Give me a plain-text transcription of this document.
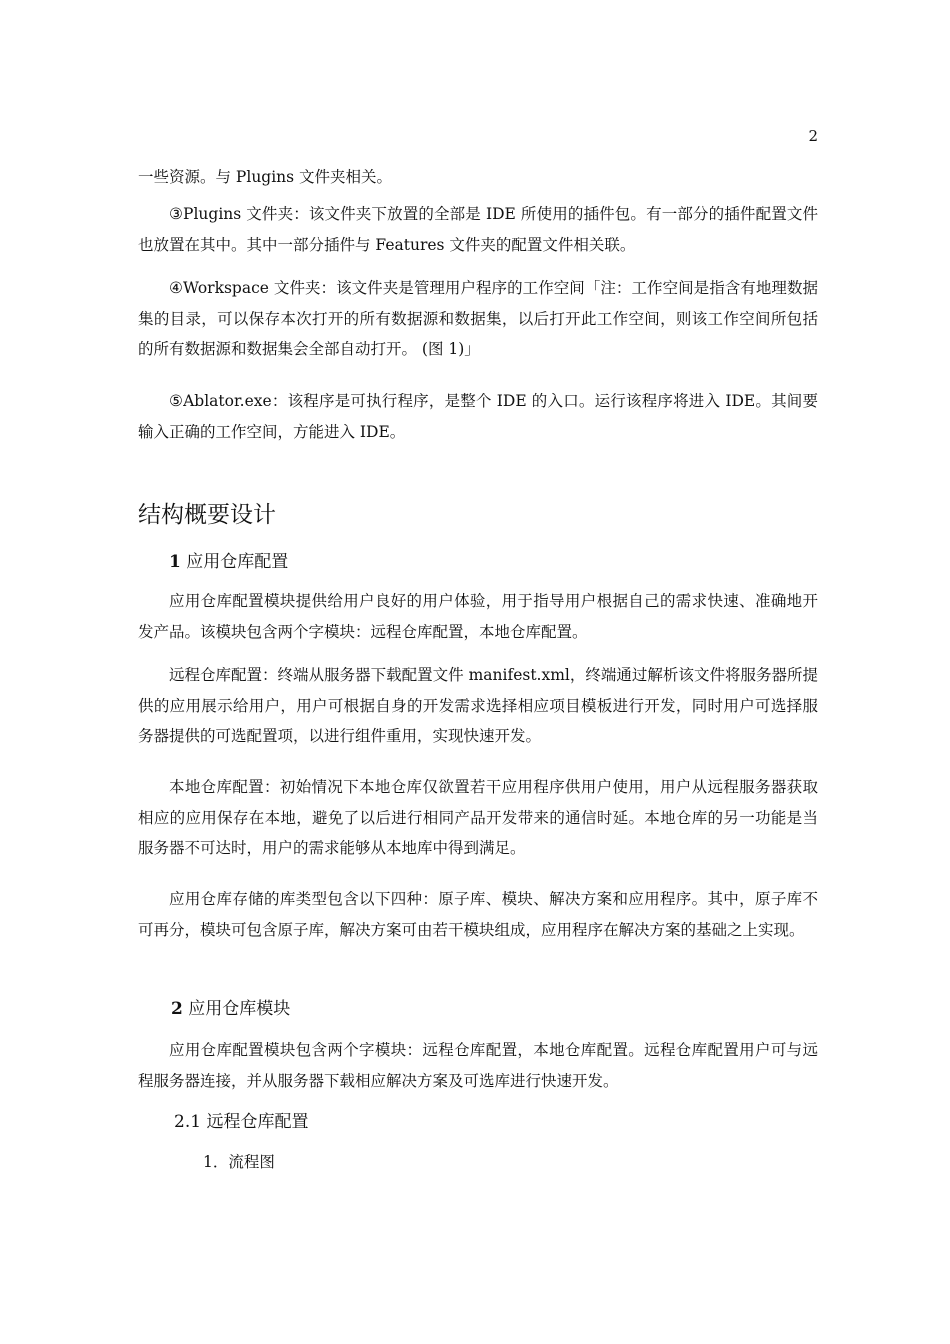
2

一些资源。与 Plugins 文件夹相关。

③Plugins 文件夹：该文件夹下放置的全部是 IDE 所使用的插件包。有一部分的插件配置文件也放置在其中。其中一部分插件与 Features 文件夹的配置文件相关联。

④Workspace 文件夹：该文件夹是管理用户程序的工作空间「注：工作空间是指含有地理数据集的目录，可以保存本次打开的所有数据源和数据集，以后打开此工作空间，则该工作空间所包括的所有数据源和数据集会全部自动打开。 (图 1)」

⑤Ablator.exe：该程序是可执行程序，是整个 IDE 的入口。运行该程序将进入 IDE。其间要输入正确的工作空间，方能进入 IDE。

结构概要设计
1 应用仓库配置

应用仓库配置模块提供给用户良好的用户体验，用于指导用户根据自己的需求快速、准确地开发产品。该模块包含两个字模块：远程仓库配置，本地仓库配置。

远程仓库配置：终端从服务器下载配置文件 manifest.xml，终端通过解析该文件将服务器所提供的应用展示给用户，用户可根据自身的开发需求选择相应项目模板进行开发，同时用户可选择服务器提供的可选配置项，以进行组件重用，实现快速开发。

本地仓库配置：初始情况下本地仓库仅欲置若干应用程序供用户使用，用户从远程服务器获取相应的应用保存在本地，避免了以后进行相同产品开发带来的通信时延。本地仓库的另一功能是当服务器不可达时，用户的需求能够从本地库中得到满足。

应用仓库存储的库类型包含以下四种：原子库、模块、解决方案和应用程序。其中，原子库不可再分，模块可包含原子库，解决方案可由若干模块组成，应用程序在解决方案的基础之上实现。

2 应用仓库模块

应用仓库配置模块包含两个字模块：远程仓库配置，本地仓库配置。远程仓库配置用户可与远程服务器连接，并从服务器下载相应解决方案及可选库进行快速开发。

2.1 远程仓库配置
1．流程图
